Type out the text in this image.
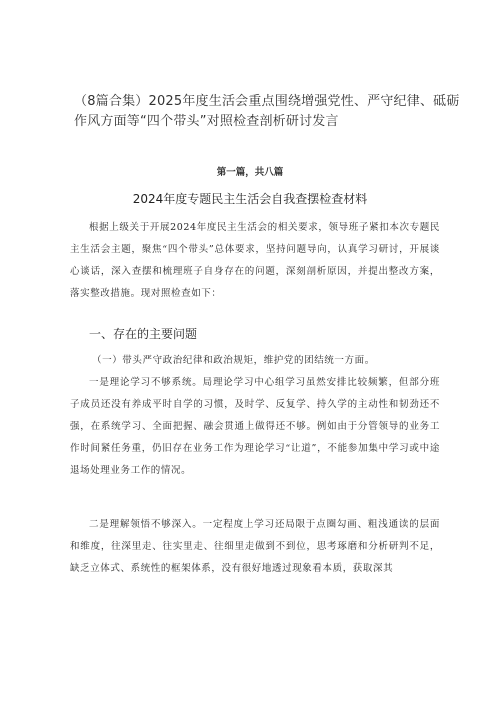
（8篇合集）2025年度生活会重点围绕增强党性、严守纪律、砥砺作风方面等“四个带头”对照检查剖析研讨发言
第一篇，共八篇
2024年度专题民主生活会自我查摆检查材料

根据上级关于开展2024年度民主生活会的相关要求，领导班子紧扣本次专题民主生活会主题，聚焦“四个带头”总体要求，坚持问题导向，认真学习研讨，开展谈心谈话，深入查摆和梳理班子自身存在的问题，深刻剖析原因，并提出整改方案，落实整改措施。现对照检查如下：

一、存在的主要问题
（一）带头严守政治纪律和政治规矩，维护党的团结统一方面。

一是理论学习不够系统。局理论学习中心组学习虽然安排比较频繁，但部分班子成员还没有养成平时自学的习惯，及时学、反复学、持久学的主动性和韧劲还不强，在系统学习、全面把握、融会贯通上做得还不够。例如由于分管领导的业务工作时间紧任务重，仍旧存在业务工作为理论学习“让道”，不能参加集中学习或中途退场处理业务工作的情况。

二是理解领悟不够深入。一定程度上学习还局限于点圈勾画、粗浅通读的层面和维度，往深里走、往实里走、往细里走做到不到位，思考琢磨和分析研判不足，缺乏立体式、系统性的框架体系，没有很好地透过现象看本质，获取深其
